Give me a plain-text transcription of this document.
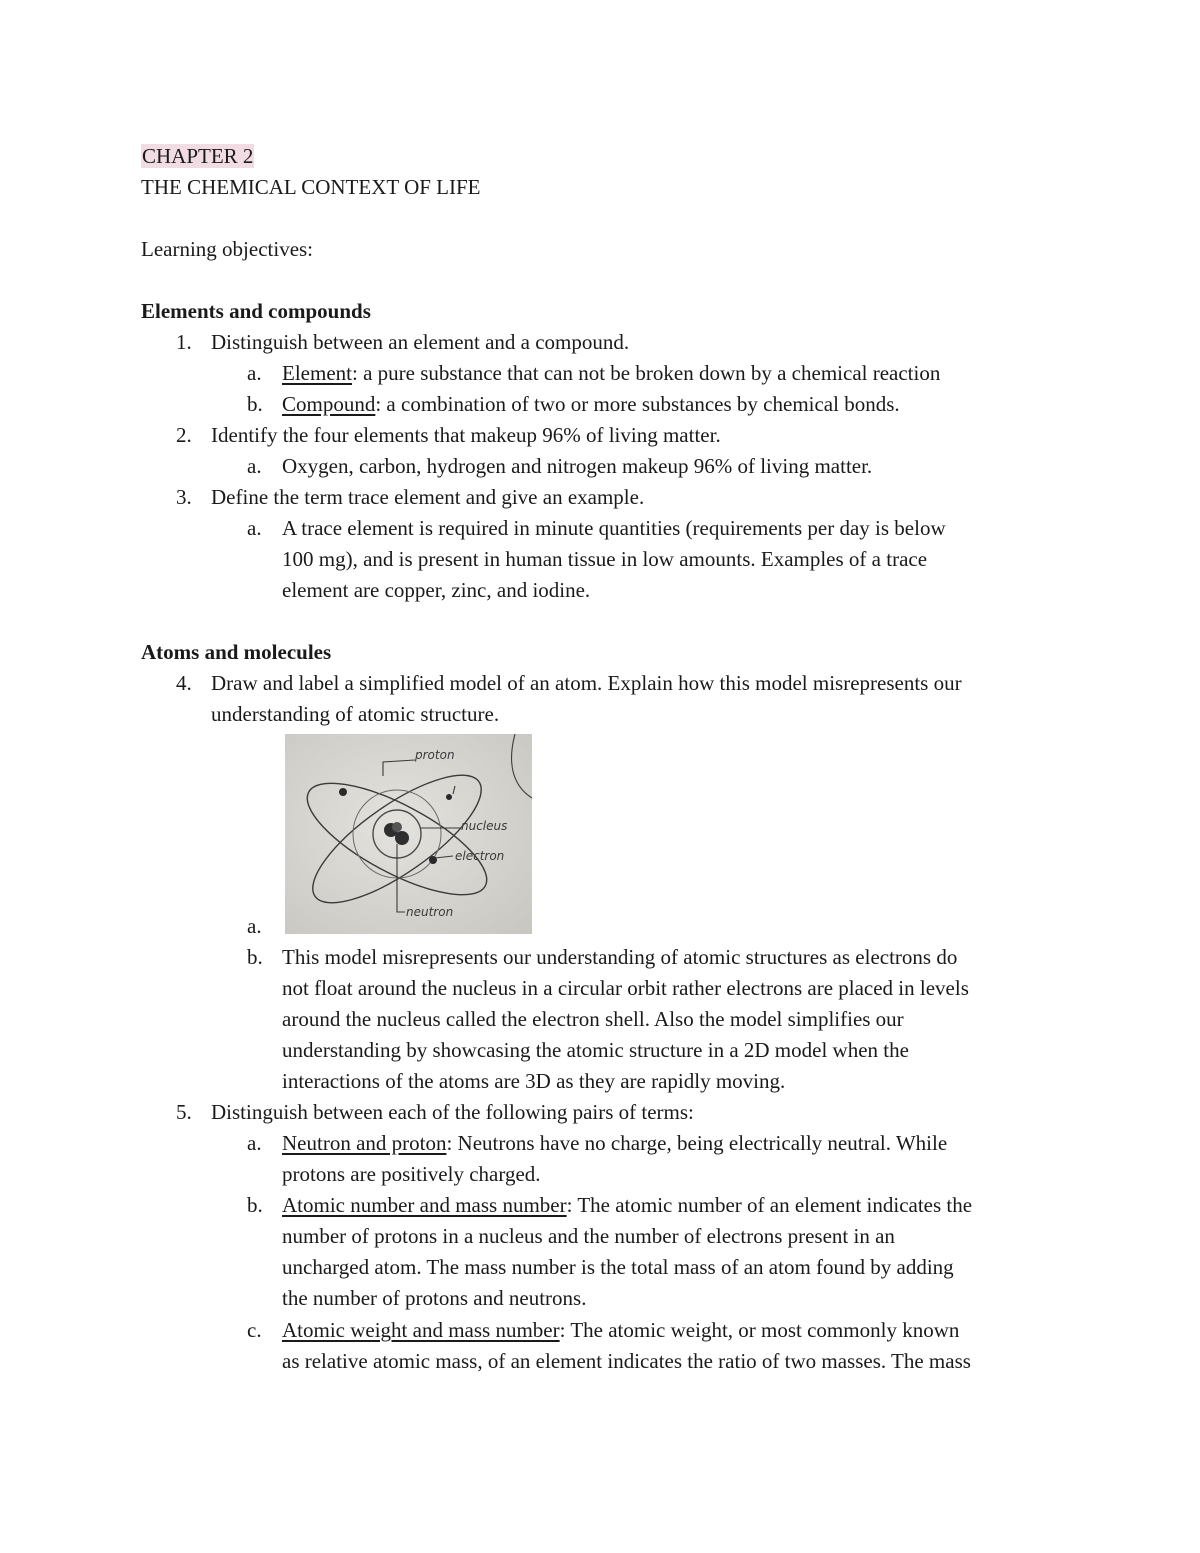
CHAPTER 2
THE CHEMICAL CONTEXT OF LIFE
Learning objectives:
Elements and compounds
1. Distinguish between an element and a compound.
a. Element: a pure substance that can not be broken down by a chemical reaction
b. Compound: a combination of two or more substances by chemical bonds.
2. Identify the four elements that makeup 96% of living matter.
a. Oxygen, carbon, hydrogen and nitrogen makeup 96% of living matter.
3. Define the term trace element and give an example.
a. A trace element is required in minute quantities (requirements per day is below
100 mg), and is present in human tissue in low amounts. Examples of a trace
element are copper, zinc, and iodine.
Atoms and molecules
4. Draw and label a simplified model of an atom. Explain how this model misrepresents our
understanding of atomic structure.
proton
nucleus
electron
neutron
a.
b. This model misrepresents our understanding of atomic structures as electrons do
not float around the nucleus in a circular orbit rather electrons are placed in levels
around the nucleus called the electron shell. Also the model simplifies our
understanding by showcasing the atomic structure in a 2D model when the
interactions of the atoms are 3D as they are rapidly moving.
5. Distinguish between each of the following pairs of terms:
a. Neutron and proton: Neutrons have no charge, being electrically neutral. While
protons are positively charged.
b. Atomic number and mass number: The atomic number of an element indicates the
number of protons in a nucleus and the number of electrons present in an
uncharged atom. The mass number is the total mass of an atom found by adding
the number of protons and neutrons.
c. Atomic weight and mass number: The atomic weight, or most commonly known
as relative atomic mass, of an element indicates the ratio of two masses. The mass
